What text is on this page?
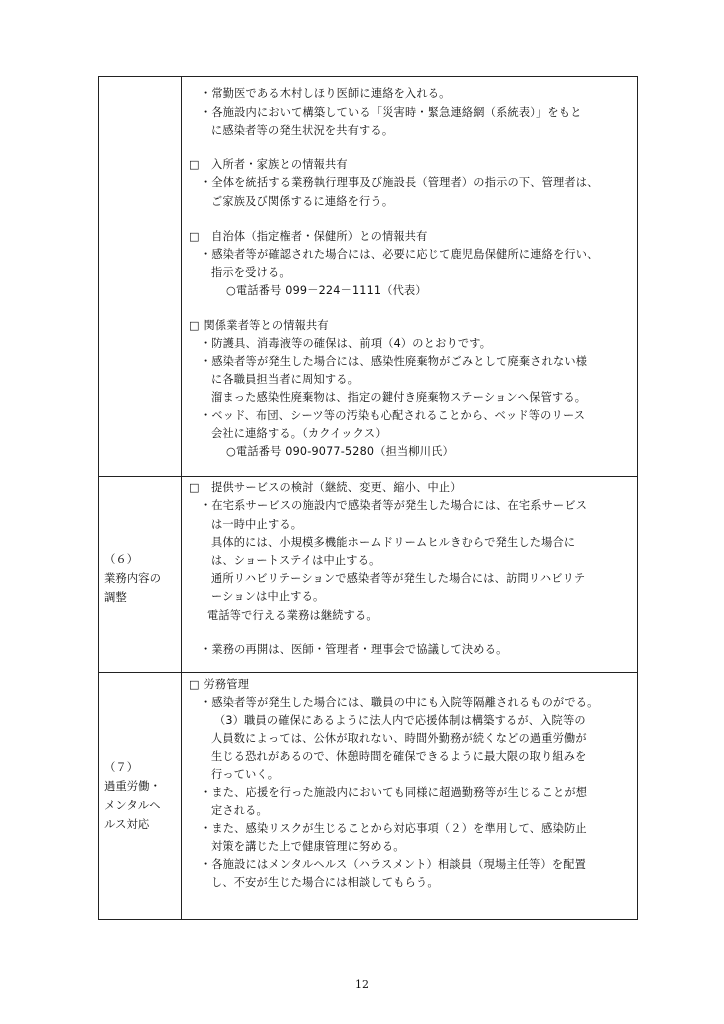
・常勤医である木村しほり医師に連絡を入れる。
・各施設内において構築している「災害時・緊急連絡網（系統表）」をもと
に感染者等の発生状況を共有する。
□　入所者・家族との情報共有
・全体を統括する業務執行理事及び施設長（管理者）の指示の下、管理者は、
ご家族及び関係するに連絡を行う。
□　自治体（指定権者・保健所）との情報共有
・感染者等が確認された場合には、必要に応じて鹿児島保健所に連絡を行い、
指示を受ける。
○電話番号 099－224－1111（代表）
□ 関係業者等との情報共有
・防護具、消毒液等の確保は、前項（4）のとおりです。
・感染者等が発生した場合には、感染性廃棄物がごみとして廃棄されない様
に各職員担当者に周知する。
溜まった感染性廃棄物は、指定の鍵付き廃棄物ステーションへ保管する。
・ベッド、布団、シーツ等の汚染も心配されることから、ベッド等のリース
会社に連絡する。（カクイックス）
○電話番号 090-9077-5280（担当柳川氏）
（６）
業務内容の
調整
□　提供サービスの検討（継続、変更、縮小、中止）
・在宅系サービスの施設内で感染者等が発生した場合には、在宅系サービス
は一時中止する。
具体的には、小規模多機能ホームドリームヒルきむらで発生した場合に
は、ショートステイは中止する。
通所リハビリテーションで感染者等が発生した場合には、訪問リハビリテ
ーションは中止する。
電話等で行える業務は継続する。
・業務の再開は、医師・管理者・理事会で協議して決める。
（７）
過重労働・
メンタルヘ
ルス対応
□ 労務管理
・感染者等が発生した場合には、職員の中にも入院等隔離されるものがでる。
（3）職員の確保にあるように法人内で応援体制は構築するが、入院等の
人員数によっては、公休が取れない、時間外勤務が続くなどの過重労働が
生じる恐れがあるので、休憩時間を確保できるように最大限の取り組みを
行っていく。
・また、応援を行った施設内においても同様に超過勤務等が生じることが想
定される。
・また、感染リスクが生じることから対応事項（２）を準用して、感染防止
対策を講じた上で健康管理に努める。
・各施設にはメンタルヘルス（ハラスメント）相談員（現場主任等）を配置
し、不安が生じた場合には相談してもらう。
12
